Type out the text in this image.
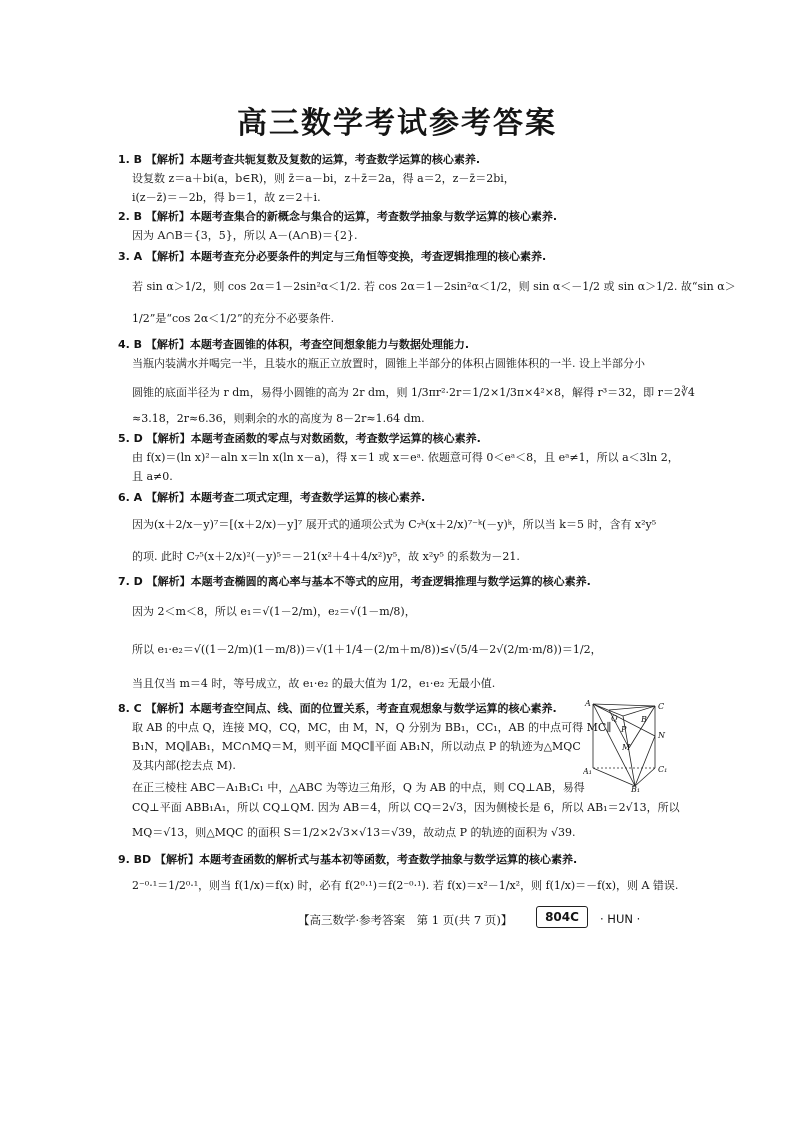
高三数学考试参考答案
1. B 【解析】本题考查共轭复数及复数的运算，考查数学运算的核心素养.
设复数 z＝a＋bi(a，b∈R)，则 z̄＝a－bi，z＋z̄＝2a，得 a＝2，z－z̄＝2bi，
i(z－z̄)＝－2b，得 b＝1，故 z＝2＋i.
2. B 【解析】本题考查集合的新概念与集合的运算，考查数学抽象与数学运算的核心素养.
因为 A∩B＝{3，5}，所以 A－(A∩B)＝{2}.
3. A 【解析】本题考查充分必要条件的判定与三角恒等变换，考查逻辑推理的核心素养.
若 sin α＞1/2，则 cos 2α＝1－2sin²α＜1/2. 若 cos 2α＝1－2sin²α＜1/2，则 sin α＜－1/2 或 sin α＞1/2. 故“sin α＞
1/2”是“cos 2α＜1/2”的充分不必要条件.
4. B 【解析】本题考查圆锥的体积，考查空间想象能力与数据处理能力.
当瓶内装满水并喝完一半，且装水的瓶正立放置时，圆锥上半部分的体积占圆锥体积的一半. 设上半部分小
圆锥的底面半径为 r dm，易得小圆锥的高为 2r dm，则 1/3πr²·2r＝1/2×1/3π×4²×8，解得 r³＝32，即 r＝2∛4
≈3.18，2r≈6.36，则剩余的水的高度为 8－2r≈1.64 dm.
5. D 【解析】本题考查函数的零点与对数函数，考查数学运算的核心素养.
由 f(x)＝(ln x)²－aln x＝ln x(ln x－a)，得 x＝1 或 x＝eᵃ. 依题意可得 0＜eᵃ＜8，且 eᵃ≠1，所以 a＜3ln 2，
且 a≠0.
6. A 【解析】本题考查二项式定理，考查数学运算的核心素养.
因为(x＋2/x－y)⁷＝[(x＋2/x)－y]⁷ 展开式的通项公式为 C₇ᵏ(x＋2/x)⁷⁻ᵏ(－y)ᵏ，所以当 k＝5 时，含有 x²y⁵
的项. 此时 C₇⁵(x＋2/x)²(－y)⁵＝－21(x²＋4＋4/x²)y⁵，故 x²y⁵ 的系数为－21.
7. D 【解析】本题考查椭圆的离心率与基本不等式的应用，考查逻辑推理与数学运算的核心素养.
因为 2＜m＜8，所以 e₁＝√(1－2/m)，e₂＝√(1－m/8)，
所以 e₁·e₂＝√((1－2/m)(1－m/8))＝√(1＋1/4－(2/m＋m/8))≤√(5/4－2√(2/m·m/8))＝1/2，
当且仅当 m＝4 时，等号成立，故 e₁·e₂ 的最大值为 1/2，e₁·e₂ 无最小值.
8. C 【解析】本题考查空间点、线、面的位置关系，考查直观想象与数学运算的核心素养.
取 AB 的中点 Q，连接 MQ，CQ，MC，由 M，N，Q 分别为 BB₁，CC₁，AB 的中点可得 MC∥
B₁N，MQ∥AB₁，MC∩MQ＝M，则平面 MQC∥平面 AB₁N，所以动点 P 的轨迹为△MQC
及其内部(挖去点 M).
在正三棱柱 ABC－A₁B₁C₁ 中，△ABC 为等边三角形，Q 为 AB 的中点，则 CQ⊥AB，易得
CQ⊥平面 ABB₁A₁，所以 CQ⊥QM. 因为 AB＝4，所以 CQ＝2√3，因为侧棱长是 6，所以 AB₁＝2√13，所以
MQ＝√13，则△MQC 的面积 S＝1/2×2√3×√13＝√39，故动点 P 的轨迹的面积为 √39.
9. BD 【解析】本题考查函数的解析式与基本初等函数，考查数学抽象与数学运算的核心素养.
2⁻⁰·¹＝1/2⁰·¹，则当 f(1/x)＝f(x) 时，必有 f(2⁰·¹)＝f(2⁻⁰·¹). 若 f(x)＝x²－1/x²，则 f(1/x)＝－f(x)，则 A 错误.
A	C
B
Q
P
M
N
A₁	C₁
B₁
【高三数学·参考答案　第 1 页(共 7 页)】	804C	· HUN ·
